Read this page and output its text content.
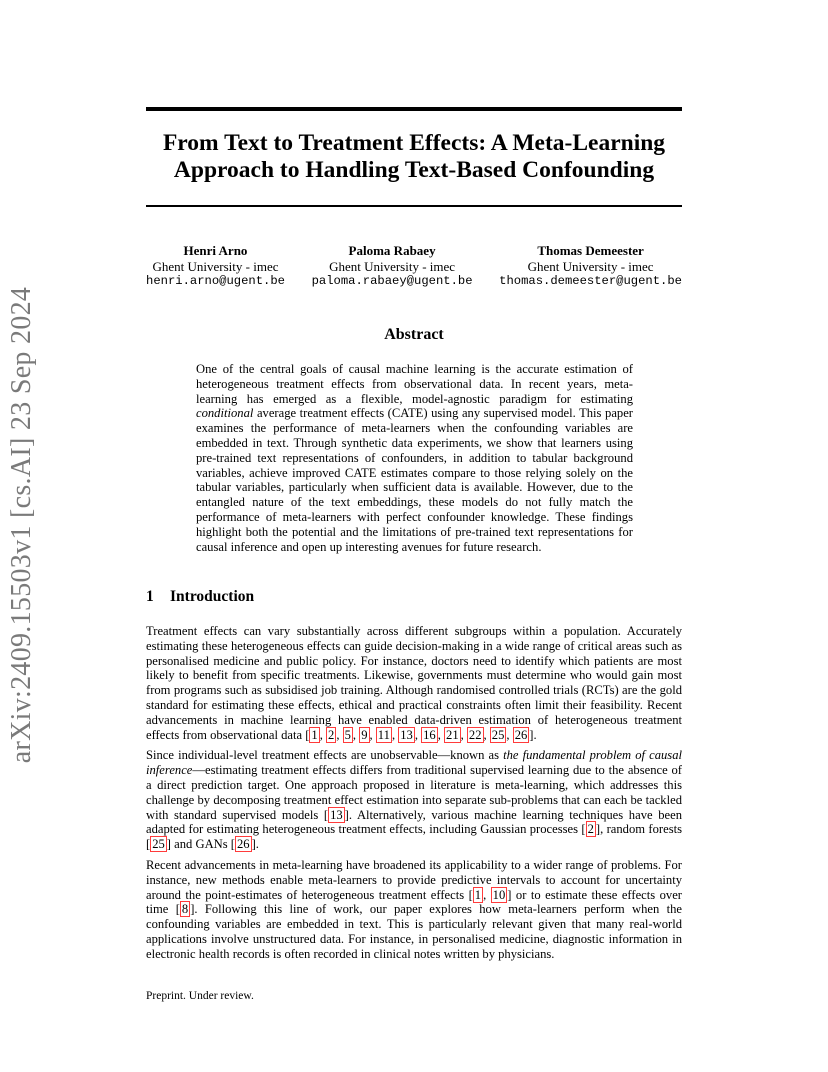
arXiv:2409.15503v1 [cs.AI] 23 Sep 2024
From Text to Treatment Effects: A Meta-Learning
Approach to Handling Text-Based Confounding
Henri Arno
Ghent University - imec
henri.arno@ugent.be
Paloma Rabaey
Ghent University - imec
paloma.rabaey@ugent.be
Thomas Demeester
Ghent University - imec
thomas.demeester@ugent.be
Abstract

One of the central goals of causal machine learning is the accurate estimation of heterogeneous treatment effects from observational data. In recent years, meta-learning has emerged as a flexible, model-agnostic paradigm for estimating conditional average treatment effects (CATE) using any supervised model. This paper examines the performance of meta-learners when the confounding variables are embedded in text. Through synthetic data experiments, we show that learners using pre-trained text representations of confounders, in addition to tabular background variables, achieve improved CATE estimates compare to those relying solely on the tabular variables, particularly when sufficient data is available. However, due to the entangled nature of the text embeddings, these models do not fully match the performance of meta-learners with perfect confounder knowledge. These findings highlight both the potential and the limitations of pre-trained text representations for causal inference and open up interesting avenues for future research.

1 Introduction

Treatment effects can vary substantially across different subgroups within a population. Accurately estimating these heterogeneous effects can guide decision-making in a wide range of critical areas such as personalised medicine and public policy. For instance, doctors need to identify which patients are most likely to benefit from specific treatments. Likewise, governments must determine who would gain most from programs such as subsidised job training. Although randomised controlled trials (RCTs) are the gold standard for estimating these effects, ethical and practical constraints often limit their feasibility. Recent advancements in machine learning have enabled data-driven estimation of heterogeneous treatment effects from observational data [ 1 , 2 , 5 , 9 , 11 , 13 , 16 , 21 , 22 , 25 , 26 ].

Since individual-level treatment effects are unobservable—known as the fundamental problem of causal inference—estimating treatment effects differs from traditional supervised learning due to the absence of a direct prediction target. One approach proposed in literature is meta-learning, which addresses this challenge by decomposing treatment effect estimation into separate sub-problems that can each be tackled with standard supervised models [ 13 ]. Alternatively, various machine learning techniques have been adapted for estimating heterogeneous treatment effects, including Gaussian processes [ 2 ], random forests [ 25 ] and GANs [ 26 ].

Recent advancements in meta-learning have broadened its applicability to a wider range of problems. For instance, new methods enable meta-learners to provide predictive intervals to account for uncertainty around the point-estimates of heterogeneous treatment effects [ 1 , 10 ] or to estimate these effects over time [ 8 ]. Following this line of work, our paper explores how meta-learners perform when the confounding variables are embedded in text. This is particularly relevant given that many real-world applications involve unstructured data. For instance, in personalised medicine, diagnostic information in electronic health records is often recorded in clinical notes written by physicians.

Preprint. Under review.
